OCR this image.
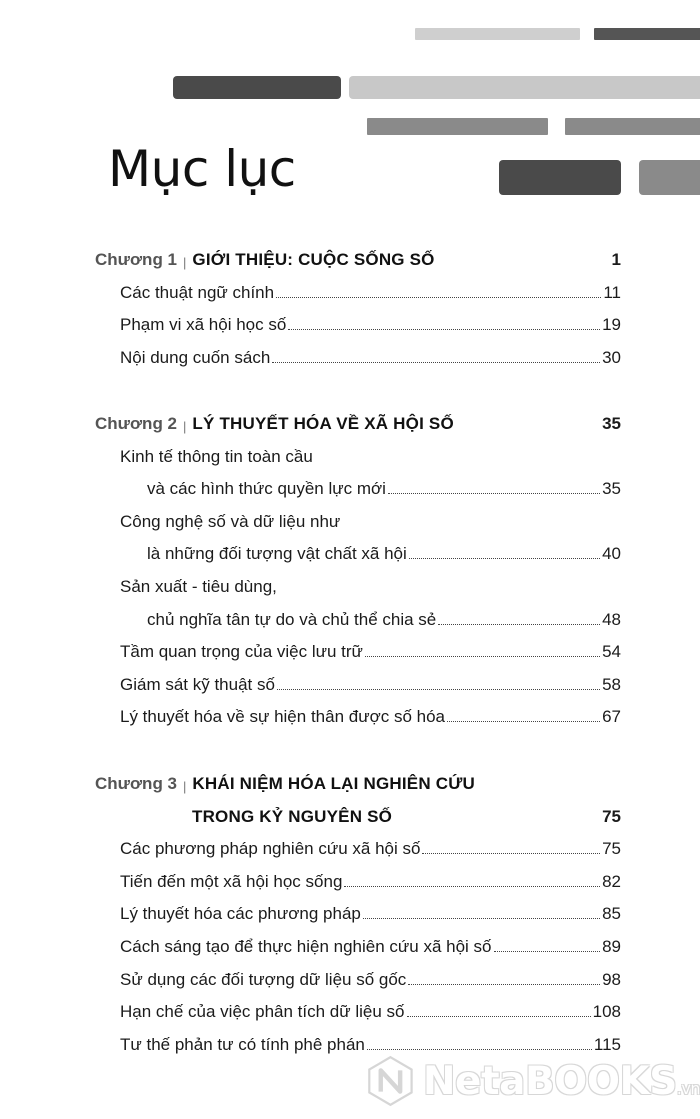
Mục lục
Chương 1 | GIỚI THIỆU: CUỘC SỐNG SỐ	1
Các thuật ngữ chính	11
Phạm vi xã hội học số	19
Nội dung cuốn sách	30
Chương 2 | LÝ THUYẾT HÓA VỀ XÃ HỘI SỐ	35
Kinh tế thông tin toàn cầu
và các hình thức quyền lực mới	35
Công nghệ số và dữ liệu như
là những đối tượng vật chất xã hội	40
Sản xuất - tiêu dùng,
chủ nghĩa tân tự do và chủ thể chia sẻ	48
Tầm quan trọng của việc lưu trữ	54
Giám sát kỹ thuật số	58
Lý thuyết hóa về sự hiện thân được số hóa	67
Chương 3 | KHÁI NIỆM HÓA LẠI NGHIÊN CỨU
TRONG KỶ NGUYÊN SỐ	75
Các phương pháp nghiên cứu xã hội số	75
Tiến đến một xã hội học sống	82
Lý thuyết hóa các phương pháp	85
Cách sáng tạo để thực hiện nghiên cứu xã hội số	89
Sử dụng các đối tượng dữ liệu số gốc	98
Hạn chế của việc phân tích dữ liệu số	108
Tư thế phản tư có tính phê phán	115
NetaBOOKS.vn
